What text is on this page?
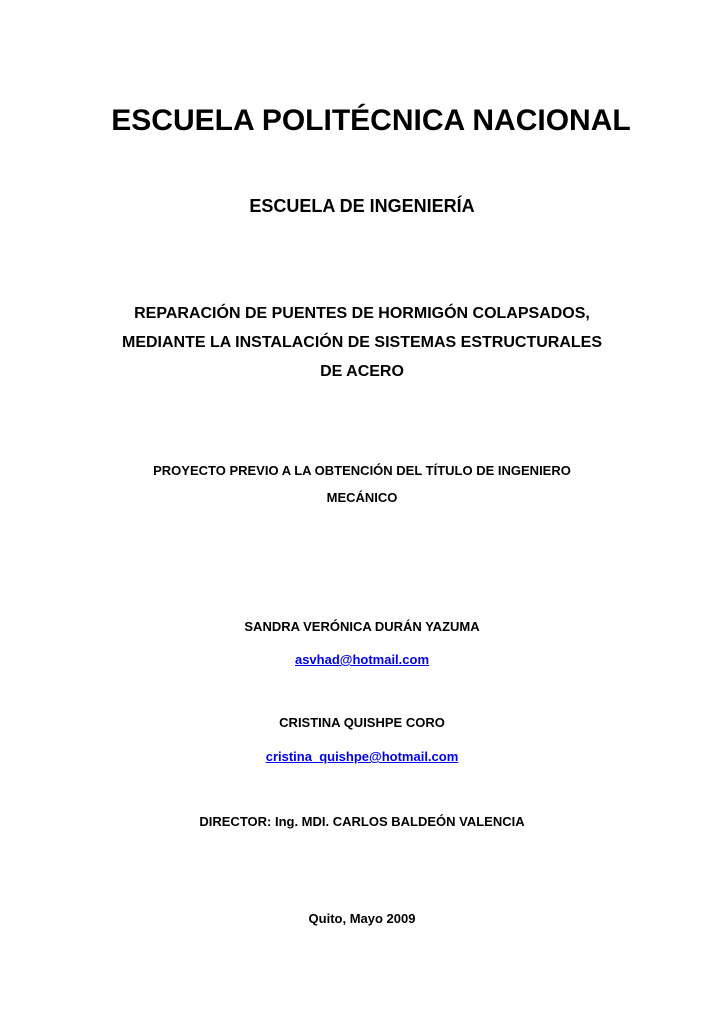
ESCUELA POLITÉCNICA NACIONAL
ESCUELA DE INGENIERÍA
REPARACIÓN DE PUENTES DE HORMIGÓN COLAPSADOS,
MEDIANTE LA INSTALACIÓN DE SISTEMAS ESTRUCTURALES
DE ACERO
PROYECTO PREVIO A LA OBTENCIÓN DEL TÍTULO DE INGENIERO
MECÁNICO
SANDRA VERÓNICA DURÁN YAZUMA
asvhad@hotmail.com
CRISTINA QUISHPE CORO
cristina_quishpe@hotmail.com
DIRECTOR: Ing. MDI. CARLOS BALDEÓN VALENCIA
Quito, Mayo 2009
